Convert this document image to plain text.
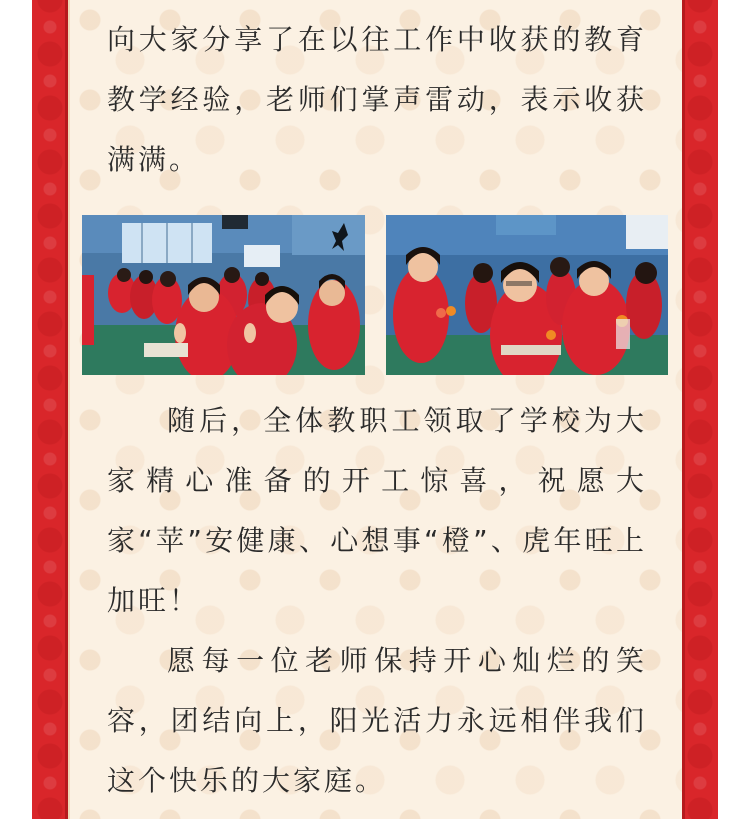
向大家分享了在以往工作中收获的教育教学经验，老师们掌声雷动，表示收获满满。

随后，全体教职工领取了学校为大家精心准备的开工惊喜，祝愿大家“苹”安健康、心想事“橙”、虎年旺上加旺！

愿每一位老师保持开心灿烂的笑容，团结向上，阳光活力永远相伴我们这个快乐的大家庭。
